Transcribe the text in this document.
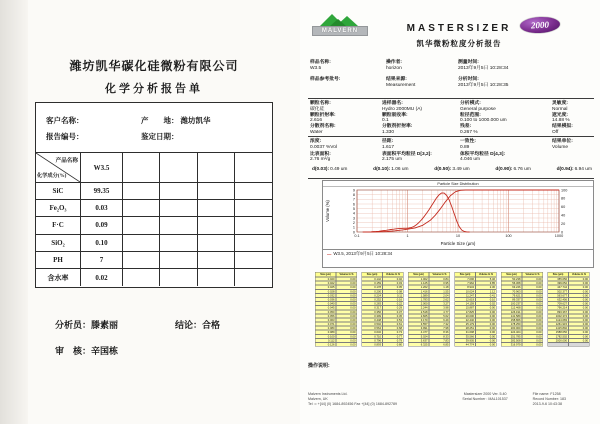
潍坊凯华碳化硅微粉有限公司
化学分析报告单
客户名称：	产　　地： 潍坊凯华
报告编号：	鉴定日期：
产品名称
化学成分(%)
W3.5
SiC	99.35
Fe₂O₃	0.03
F·C	0.09
SiO₂	0.10
PH	7
含水率	0.02
分析员：滕素丽	结论：合格
审　核：辛国栋
MALVERN	MASTERSIZER	2000
凯华微粉粒度分析报告
样品名称:
W3.5
操作者:
horizon
测量时间:
2013年9月5日 10:28:34
样品参考批号:	结果来源:
Measurement
分析时间:
2013年9月5日 10:28:35
颗粒名称:
碳化硅
进样器名:
Hydro 2000MU (A)
分析模式:
General purpose
灵敏度:
Normal
颗粒折射率:
2.616
颗粒吸收率:
0.1
粒径范围:
0.100 to 1000.000 um
遮光度:
14.88 %
分散剂名称:
Water
分散剂折射率:
1.330
残差:
0.267 %
结果模拟:
Off
浓度:
0.0037 %Vol
径距:
1.617
一致性:
0.89
结果单位:
Volume
比表面积:
2.76 m²/g
表面积平均粒径 D[3,2]:
2.175 um
体积平均粒径 D[4,3]:
4.046 um
d(0.03):0.49 um	d(0.10):1.06 um	d(0.50):3.49 um	d(0.90):6.76 um	d(0.94):6.94 um
Particle Size Distribution
0.1	1	10	100	1000
0
1
2
3
4
5
6
7
8
9
0
20
40
60
80
100
Particle Size (µm)
Volume (%)
— W3.5, 2013年9月5日 10:28:34
Size (µm)	Volume In %
0.020	0.00
0.022	0.00
0.025	0.00
0.028	0.00
0.032	0.00
0.036	0.00
0.040	0.00
0.045	0.00
0.050	0.00
0.056	0.00
0.063	0.00
0.071	0.00
0.080	0.00
0.089	0.00
0.100	0.00
0.112	0.00
0.126	0.00
Size (µm)	Volume In %
0.142	0.02
0.159	0.03
0.178	0.05
0.200	0.08
0.224	0.11
0.252	0.16
0.283	0.22
0.317	0.29
0.356	0.37
0.399	0.45
0.448	0.53
0.502	0.61
0.564	0.68
0.632	0.73
0.710	0.77
0.796	0.79
0.893	0.80
Size (µm)	Volume In %
1.002	0.84
1.125	0.95
1.262	1.18
1.416	1.55
1.589	2.04
1.783	2.62
2.000	3.27
2.244	3.98
2.518	4.77
2.825	5.62
3.170	6.49
3.557	7.32
3.991	7.98
4.477	8.36
5.024	8.33
5.637	7.83
6.325	6.85
Size (µm)	Volume In %
7.096	5.46
7.962	3.85
8.934	2.30
10.024	1.12
11.247	0.41
12.619	0.10
14.159	0.02
15.887	0.00
17.825	0.00
20.000	0.00
22.440	0.00
25.179	0.00
28.251	0.00
31.698	0.00
35.566	0.00
39.905	0.00
44.774	0.00
Size (µm)	Volume In %
50.238	0.00
56.368	0.00
63.246	0.00
70.963	0.00
79.621	0.00
89.337	0.00
100.237	0.00
112.468	0.00
126.191	0.00
141.589	0.00
158.866	0.00
178.250	0.00
200.000	0.00
224.404	0.00
251.785	0.00
282.508	0.00
316.979	0.00
Size (µm)	Volume In %
355.656	0.00
399.052	0.00
447.744	0.00
502.377	0.00
563.677	0.00
632.456	0.00
709.627	0.00
796.214	0.00
893.367	0.00
1002.374	0.00
1124.683	0.00
1261.915	0.00
1415.892	0.00
1588.656	0.00
1782.502	0.00
2000.000	0.00
操作说明:
Malvern Instruments Ltd.
Malvern, UK
Tel := +[44] (0) 1684-892456 Fax +[44] (0) 1684-892789
Mastersizer 2000 Ver. 5.40
Serial Number : MAL101537
File name: F1258
Record Number: 183
2013-9-6 10:43:38
